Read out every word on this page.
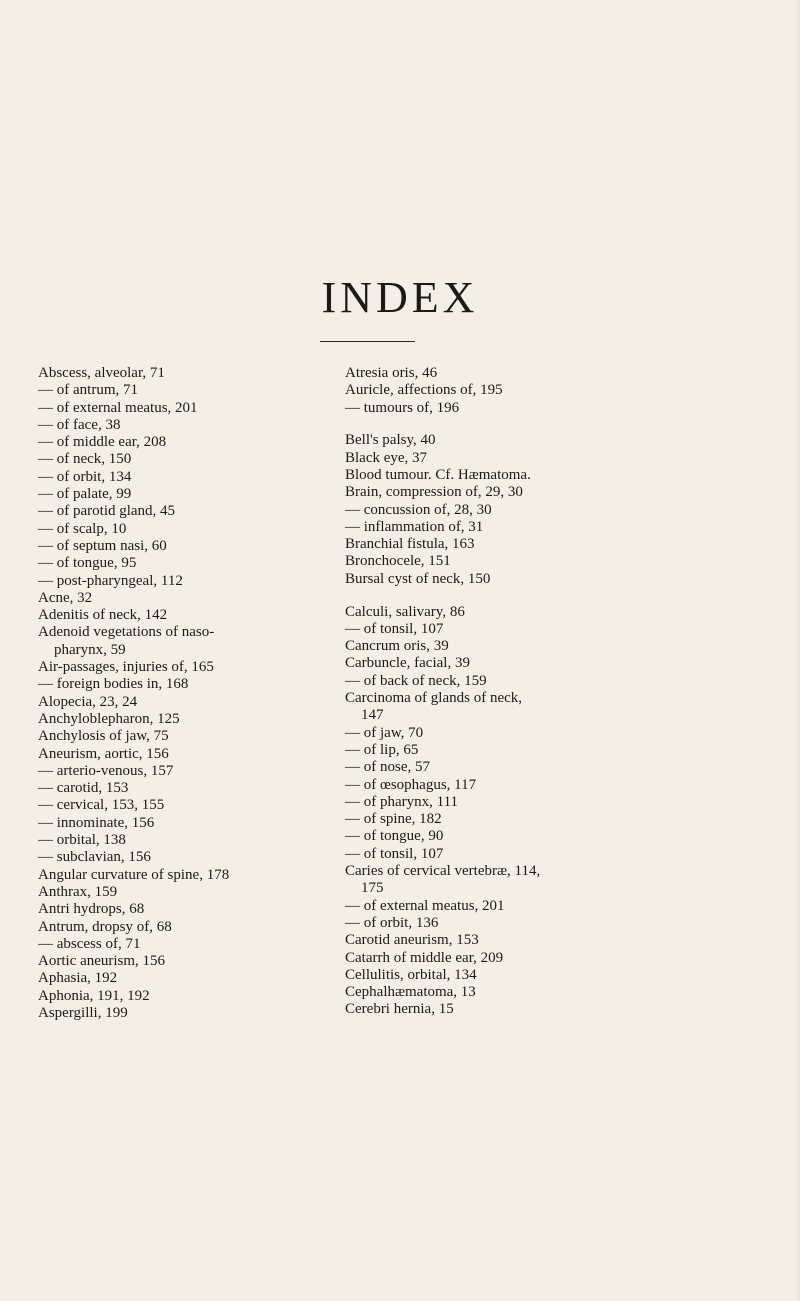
INDEX
Abscess, alveolar, 71
— of antrum, 71
— of external meatus, 201
— of face, 38
— of middle ear, 208
— of neck, 150
— of orbit, 134
— of palate, 99
— of parotid gland, 45
— of scalp, 10
— of septum nasi, 60
— of tongue, 95
— post-pharyngeal, 112
Acne, 32
Adenitis of neck, 142
Adenoid vegetations of naso-
pharynx, 59
Air-passages, injuries of, 165
— foreign bodies in, 168
Alopecia, 23, 24
Anchyloblepharon, 125
Anchylosis of jaw, 75
Aneurism, aortic, 156
— arterio-venous, 157
— carotid, 153
— cervical, 153, 155
— innominate, 156
— orbital, 138
— subclavian, 156
Angular curvature of spine, 178
Anthrax, 159
Antri hydrops, 68
Antrum, dropsy of, 68
— abscess of, 71
Aortic aneurism, 156
Aphasia, 192
Aphonia, 191, 192
Aspergilli, 199
Atresia oris, 46
Auricle, affections of, 195
— tumours of, 196
Bell's palsy, 40
Black eye, 37
Blood tumour. Cf. Hæmatoma.
Brain, compression of, 29, 30
— concussion of, 28, 30
— inflammation of, 31
Branchial fistula, 163
Bronchocele, 151
Bursal cyst of neck, 150
Calculi, salivary, 86
— of tonsil, 107
Cancrum oris, 39
Carbuncle, facial, 39
— of back of neck, 159
Carcinoma of glands of neck,
147
— of jaw, 70
— of lip, 65
— of nose, 57
— of œsophagus, 117
— of pharynx, 111
— of spine, 182
— of tongue, 90
— of tonsil, 107
Caries of cervical vertebræ, 114,
175
— of external meatus, 201
— of orbit, 136
Carotid aneurism, 153
Catarrh of middle ear, 209
Cellulitis, orbital, 134
Cephalhæmatoma, 13
Cerebri hernia, 15
